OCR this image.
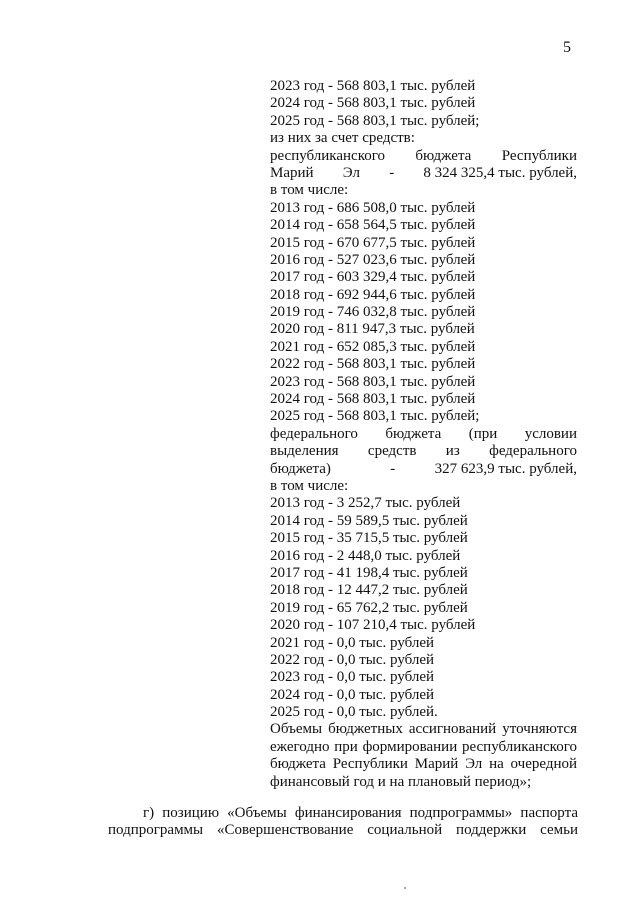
5
2023 год - 568 803,1 тыс. рублей
2024 год - 568 803,1 тыс. рублей
2025 год - 568 803,1 тыс. рублей;
из них за счет средств:
республиканского бюджета Республики
Марий Эл - 8 324 325,4 тыс. рублей,
в том числе:
2013 год - 686 508,0 тыс. рублей
2014 год - 658 564,5 тыс. рублей
2015 год - 670 677,5 тыс. рублей
2016 год - 527 023,6 тыс. рублей
2017 год - 603 329,4 тыс. рублей
2018 год - 692 944,6 тыс. рублей
2019 год - 746 032,8 тыс. рублей
2020 год - 811 947,3 тыс. рублей
2021 год - 652 085,3 тыс. рублей
2022 год - 568 803,1 тыс. рублей
2023 год - 568 803,1 тыс. рублей
2024 год - 568 803,1 тыс. рублей
2025 год - 568 803,1 тыс. рублей;
федерального бюджета (при условии
выделения средств из федерального
бюджета)	-	327 623,9 тыс. рублей,
в том числе:
2013 год - 3 252,7 тыс. рублей
2014 год - 59 589,5 тыс. рублей
2015 год - 35 715,5 тыс. рублей
2016 год - 2 448,0 тыс. рублей
2017 год - 41 198,4 тыс. рублей
2018 год - 12 447,2 тыс. рублей
2019 год - 65 762,2 тыс. рублей
2020 год - 107 210,4 тыс. рублей
2021 год - 0,0 тыс. рублей
2022 год - 0,0 тыс. рублей
2023 год - 0,0 тыс. рублей
2024 год - 0,0 тыс. рублей
2025 год - 0,0 тыс. рублей.
Объемы бюджетных ассигнований уточняются
ежегодно при формировании республиканского
бюджета Республики Марий Эл на очередной
финансовый год и на плановый период»;
г) позицию «Объемы финансирования подпрограммы» паспорта
подпрограммы «Совершенствование социальной поддержки семьи
